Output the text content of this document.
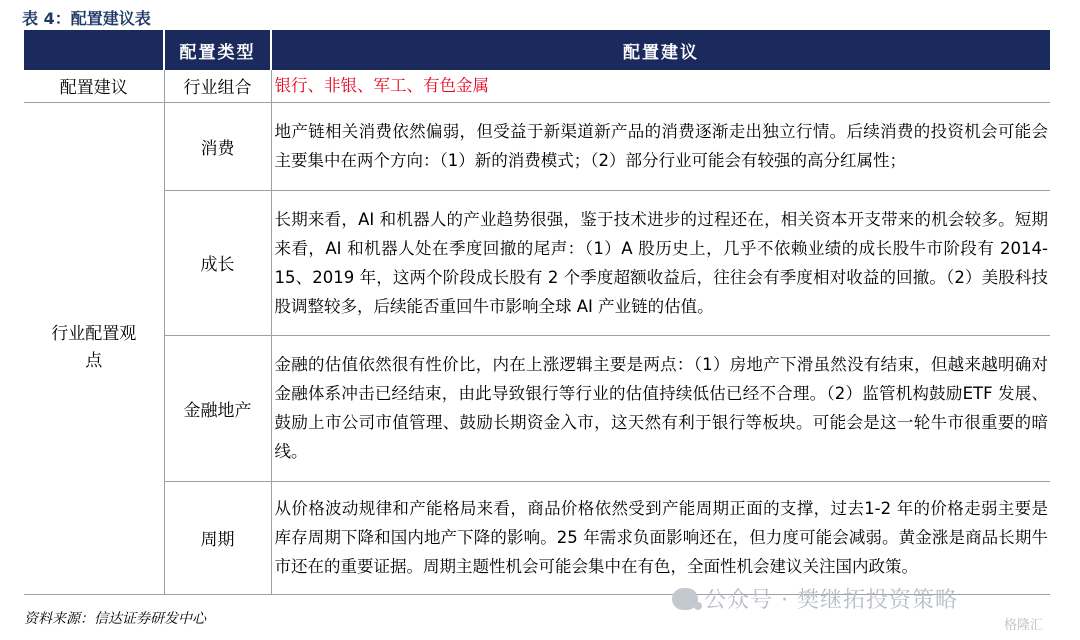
表 4：配置建议表
	配置类型	配置建议
配置建议	行业组合	银行、非银、军工、有色金属
行业配置观点	消费	地产链相关消费依然偏弱，但受益于新渠道新产品的消费逐渐走出独立行情。后续消费的投资机会可能会主要集中在两个方向：（1）新的消费模式；（2）部分行业可能会有较强的高分红属性；
	成长	长期来看，AI 和机器人的产业趋势很强，鉴于技术进步的过程还在，相关资本开支带来的机会较多。短期来看，AI 和机器人处在季度回撤的尾声：（1）A 股历史上，几乎不依赖业绩的成长股牛市阶段有 2014-15、2019 年，这两个阶段成长股有 2 个季度超额收益后，往往会有季度相对收益的回撤。（2）美股科技股调整较多，后续能否重回牛市影响全球 AI 产业链的估值。
	金融地产	金融的估值依然很有性价比，内在上涨逻辑主要是两点：（1）房地产下滑虽然没有结束，但越来越明确对金融体系冲击已经结束，由此导致银行等行业的估值持续低估已经不合理。（2）监管机构鼓励ETF 发展、鼓励上市公司市值管理、鼓励长期资金入市，这天然有利于银行等板块。可能会是这一轮牛市很重要的暗线。
	周期	从价格波动规律和产能格局来看，商品价格依然受到产能周期正面的支撑，过去1-2 年的价格走弱主要是库存周期下降和国内地产下降的影响。25 年需求负面影响还在，但力度可能会减弱。黄金涨是商品长期牛市还在的重要证据。周期主题性机会可能会集中在有色，全面性机会建议关注国内政策。
资料来源：信达证券研发中心
公众号 · 樊继拓投资策略
格隆汇
